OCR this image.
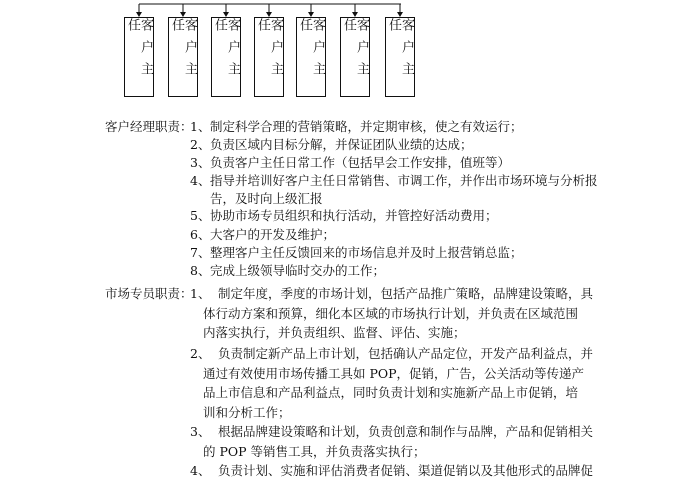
客户主任	客户主任	客户主任	客户主任	客户主任	客户主任	客户主任
客户经理职责：
1、 制定科学合理的营销策略，并定期审核，使之有效运行；
2、 负责区域内目标分解，并保证团队业绩的达成；
3、 负责客户主任日常工作（包括早会工作安排，值班等）
4、 指导并培训好客户主任日常销售、市调工作，并作出市场环境与分析报
告，及时向上级汇报
5、 协助市场专员组织和执行活动，并管控好活动费用；
6、 大客户的开发及维护；
7、 整理客户主任反馈回来的市场信息并及时上报营销总监；
8、 完成上级领导临时交办的工作；
市场专员职责：
1、 制定年度，季度的市场计划，包括产品推广策略，品牌建设策略，具
体行动方案和预算，细化本区域的市场执行计划，并负责在区域范围
内落实执行，并负责组织、监督、评估、实施；
2、 负责制定新产品上市计划，包括确认产品定位，开发产品利益点，并
通过有效使用市场传播工具如 POP，促销，广告，公关活动等传递产
品上市信息和产品利益点，同时负责计划和实施新产品上市促销，培
训和分析工作；
3、 根据品牌建设策略和计划，负责创意和制作与品牌，产品和促销相关
的 POP 等销售工具，并负责落实执行；
4、 负责计划、实施和评估消费者促销、渠道促销以及其他形式的品牌促
